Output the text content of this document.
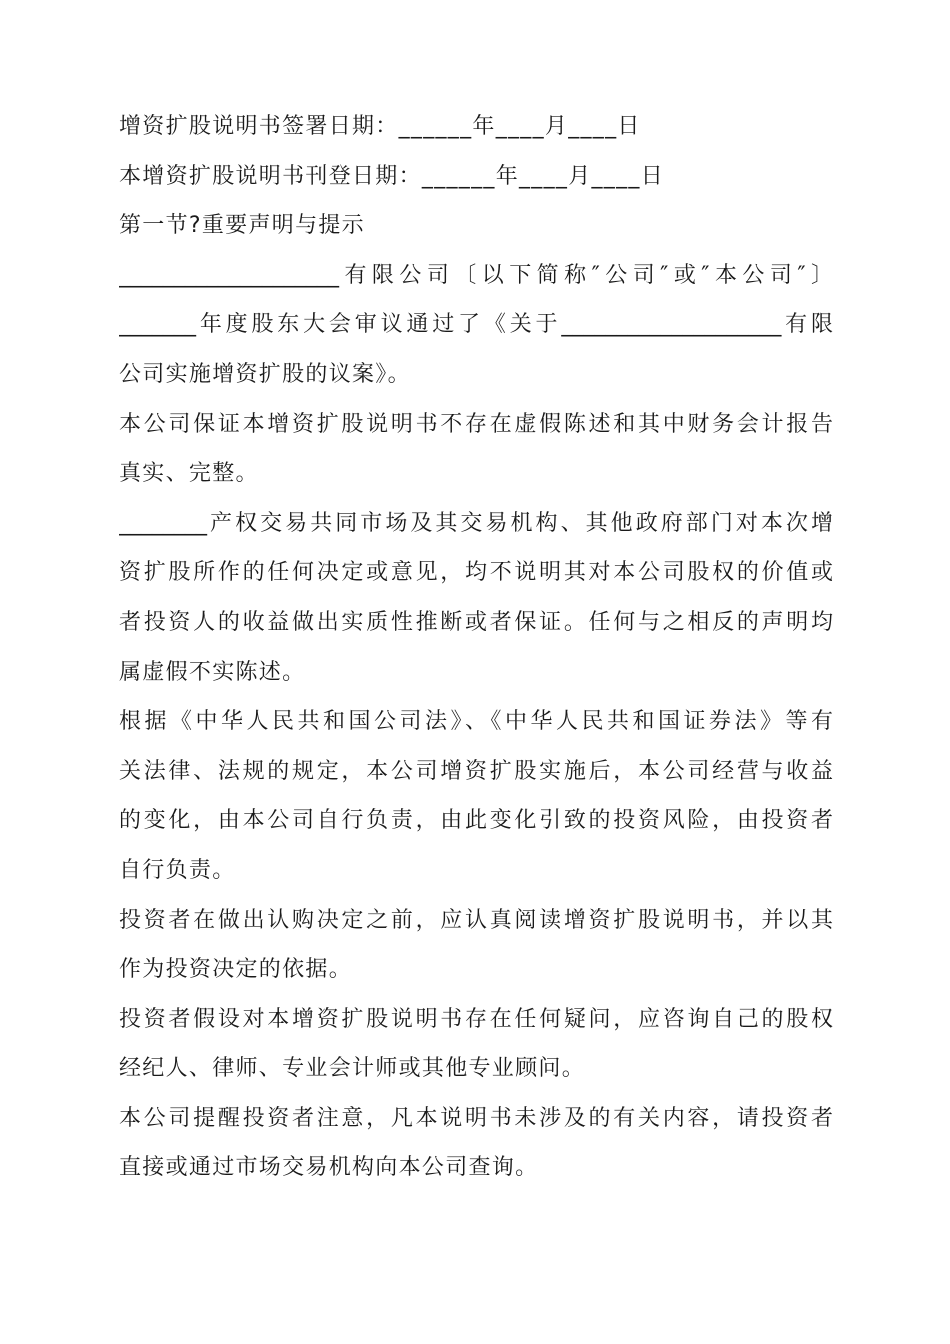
增资扩股说明书签署日期：______年____月____日
本增资扩股说明书刊登日期：______年____月____日
第一节?重要声明与提示
____________________有限公司〔以下简称″公司″或″本公司″〕
_______年度股东大会审议通过了《关于____________________有限
公司实施增资扩股的议案》。
本公司保证本增资扩股说明书不存在虚假陈述和其中财务会计报告
真实、完整。
________产权交易共同市场及其交易机构、其他政府部门对本次增
资扩股所作的任何决定或意见，均不说明其对本公司股权的价值或
者投资人的收益做出实质性推断或者保证。任何与之相反的声明均
属虚假不实陈述。
根据《中华人民共和国公司法》、《中华人民共和国证券法》等有
关法律、法规的规定，本公司增资扩股实施后，本公司经营与收益
的变化，由本公司自行负责，由此变化引致的投资风险，由投资者
自行负责。
投资者在做出认购决定之前，应认真阅读增资扩股说明书，并以其
作为投资决定的依据。
投资者假设对本增资扩股说明书存在任何疑问，应咨询自己的股权
经纪人、律师、专业会计师或其他专业顾问。
本公司提醒投资者注意，凡本说明书未涉及的有关内容，请投资者
直接或通过市场交易机构向本公司查询。
